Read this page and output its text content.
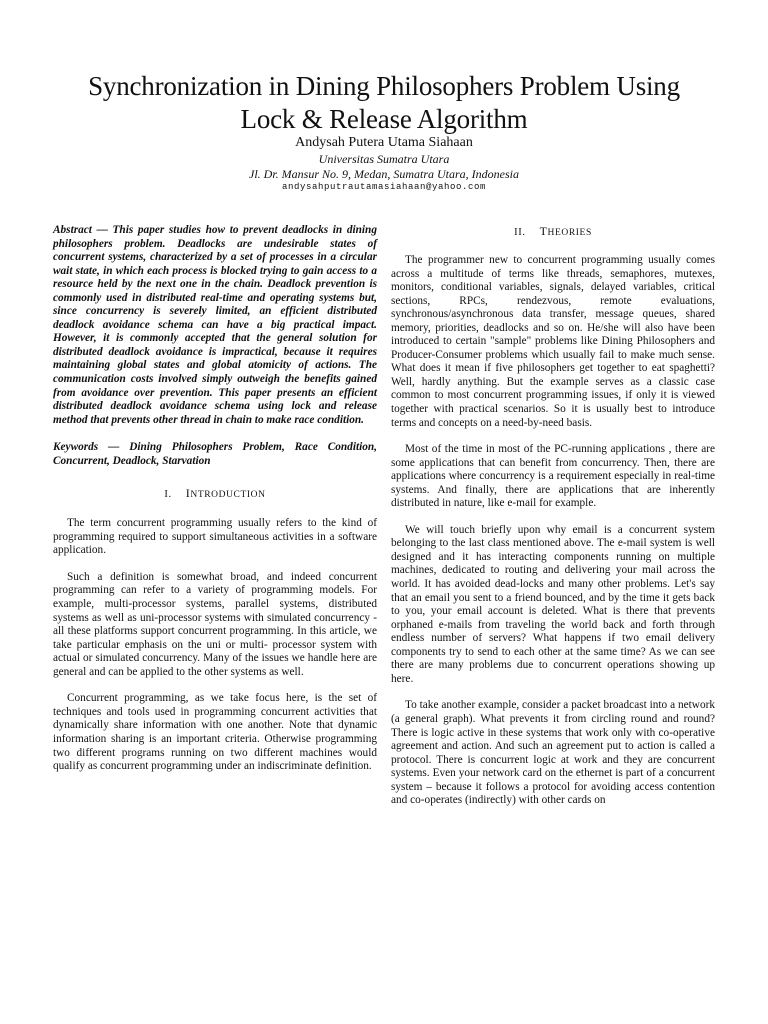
Synchronization in Dining Philosophers Problem Using
Lock & Release Algorithm
Andysah Putera Utama Siahaan
Universitas Sumatra Utara
Jl. Dr. Mansur No. 9, Medan, Sumatra Utara, Indonesia
andysahputrautamasiahaan@yahoo.com

Abstract — This paper studies how to prevent deadlocks in dining philosophers problem. Deadlocks are undesirable states of concurrent systems, characterized by a set of processes in a circular wait state, in which each process is blocked trying to gain access to a resource held by the next one in the chain. Deadlock prevention is commonly used in distributed real-time and operating systems but, since concurrency is severely limited, an efficient distributed deadlock avoidance schema can have a big practical impact. However, it is commonly accepted that the general solution for distributed deadlock avoidance is impractical, because it requires maintaining global states and global atomicity of actions. The communication costs involved simply outweigh the benefits gained from avoidance over prevention. This paper presents an efficient distributed deadlock avoidance schema using lock and release method that prevents other thread in chain to make race condition.

Keywords — Dining Philosophers Problem, Race Condition, Concurrent, Deadlock, Starvation

I. INTRODUCTION

The term concurrent programming usually refers to the kind of programming required to support simultaneous activities in a software application.

Such a definition is somewhat broad, and indeed concurrent programming can refer to a variety of programming models. For example, multi-processor systems, parallel systems, distributed systems as well as uni-processor systems with simulated concurrency - all these platforms support concurrent programming. In this article, we take particular emphasis on the uni or multi- processor system with actual or simulated concurrency. Many of the issues we handle here are general and can be applied to the other systems as well.

Concurrent programming, as we take focus here, is the set of techniques and tools used in programming concurrent activities that dynamically share information with one another. Note that dynamic information sharing is an important criteria. Otherwise programming two different programs running on two different machines would qualify as concurrent programming under an indiscriminate definition.

II. THEORIES

The programmer new to concurrent programming usually comes across a multitude of terms like threads, semaphores, mutexes, monitors, conditional variables, signals, delayed variables, critical sections, RPCs, rendezvous, remote evaluations, synchronous/asynchronous data transfer, message queues, shared memory, priorities, deadlocks and so on. He/she will also have been introduced to certain "sample" problems like Dining Philosophers and Producer-Consumer problems which usually fail to make much sense. What does it mean if five philosophers get together to eat spaghetti? Well, hardly anything. But the example serves as a classic case common to most concurrent programming issues, if only it is viewed together with practical scenarios. So it is usually best to introduce terms and concepts on a need-by-need basis.

Most of the time in most of the PC-running applications , there are some applications that can benefit from concurrency. Then, there are applications where concurrency is a requirement especially in real-time systems. And finally, there are applications that are inherently distributed in nature, like e-mail for example.

We will touch briefly upon why email is a concurrent system belonging to the last class mentioned above. The e-mail system is well designed and it has interacting components running on multiple machines, dedicated to routing and delivering your mail across the world. It has avoided dead-locks and many other problems. Let's say that an email you sent to a friend bounced, and by the time it gets back to you, your email account is deleted. What is there that prevents orphaned e-mails from traveling the world back and forth through endless number of servers? What happens if two email delivery components try to send to each other at the same time? As we can see there are many problems due to concurrent operations showing up here.

To take another example, consider a packet broadcast into a network (a general graph). What prevents it from circling round and round? There is logic active in these systems that work only with co-operative agreement and action. And such an agreement put to action is called a protocol. There is concurrent logic at work and they are concurrent systems. Even your network card on the ethernet is part of a concurrent system – because it follows a protocol for avoiding access contention and co-operates (indirectly) with other cards on
